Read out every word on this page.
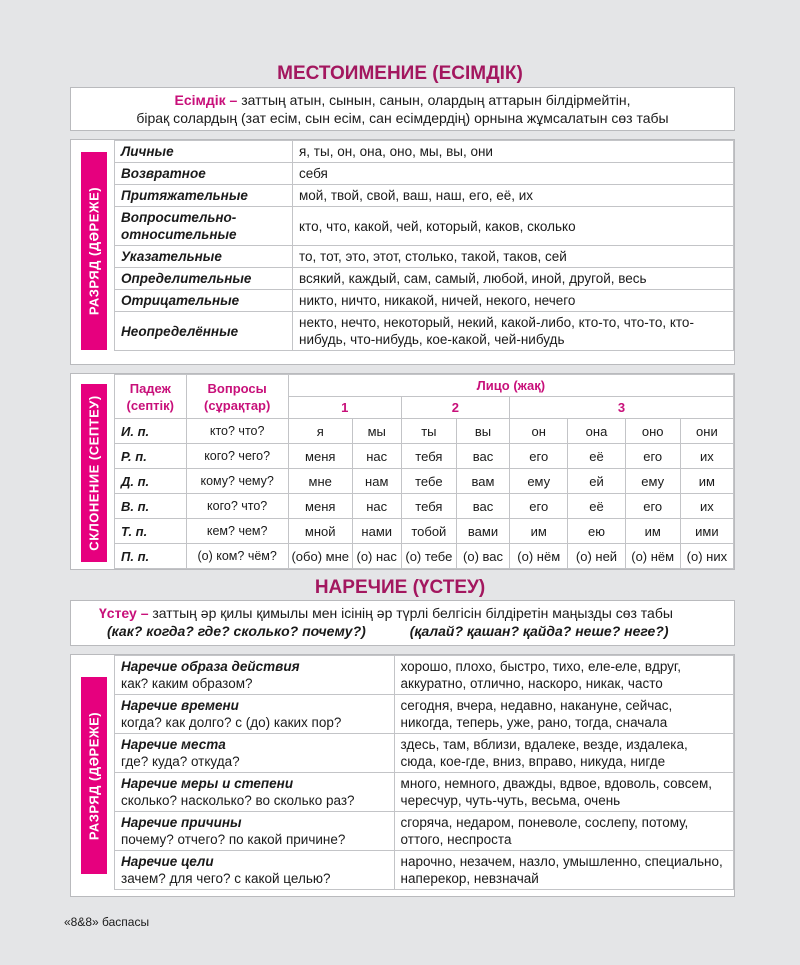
МЕСТОИМЕНИЕ (ЕСІМДІК)
Есімдік – заттың атын, сынын, санын, олардың аттарын білдірмейтін,
бірақ солардың (зат есім, сын есім, сан есімдердің) орнына жұмсалатын сөз табы
РАЗРЯД (ДӘРЕЖЕ)
Личные	я, ты, он, она, оно, мы, вы, они
Возвратное	себя
Притяжательные	мой, твой, свой, ваш, наш, его, её, их
Вопросительно-относительные	кто, что, какой, чей, который, каков, сколько
Указательные	то, тот, это, этот, столько, такой, таков, сей
Определительные	всякий, каждый, сам, самый, любой, иной, другой, весь
Отрицательные	никто, ничто, никакой, ничей, некого, нечего
Неопределённые	некто, нечто, некоторый, некий, какой-либо, кто-то, что-то, кто-нибудь, что-нибудь, кое-какой, чей-нибудь
СКЛОНЕНИЕ (СЕПТЕУ)
Падеж (септік)	Вопросы (сұрақтар)	Лицо (жақ)							
		1		2		3			
И. п.	кто? что?	я	мы	ты	вы	он	она	оно	они
Р. п.	кого? чего?	меня	нас	тебя	вас	его	её	его	их
Д. п.	кому? чему?	мне	нам	тебе	вам	ему	ей	ему	им
В. п.	кого? что?	меня	нас	тебя	вас	его	её	его	их
Т. п.	кем? чем?	мной	нами	тобой	вами	им	ею	им	ими
П. п.	(о) ком? чём?	(обо) мне	(о) нас	(о) тебе	(о) вас	(о) нём	(о) ней	(о) нём	(о) них
НАРЕЧИЕ (ҮСТЕУ)
Үстеу – заттың әр қилы қимылы мен ісінің әр түрлі белгісін білдіретін маңызды сөз табы
(как? когда? где? сколько? почему?)	(қалай? қашан? қайда? неше? неге?)
РАЗРЯД (ДӘРЕЖЕ)
Наречие образа действия
как? каким образом?	хорошо, плохо, быстро, тихо, еле-еле, вдруг, аккуратно, отлично, наскоро, никак, часто

Наречие времени
когда? как долго? с (до) каких пор?	сегодня, вчера, недавно, накануне, сейчас, никогда, теперь, уже, рано, тогда, сначала

Наречие места
где? куда? откуда?	здесь, там, вблизи, вдалеке, везде, издалека, сюда, кое-где, вниз, вправо, никуда, нигде

Наречие меры и степени
сколько? насколько? во сколько раз?	много, немного, дважды, вдвое, вдоволь, совсем, чересчур, чуть-чуть, весьма, очень

Наречие причины
почему? отчего? по какой причине?	сгоряча, недаром, поневоле, сослепу, потому, оттого, неспроста

Наречие цели
зачем? для чего? с какой целью?	нарочно, незачем, назло, умышленно, специально, наперекор, невзначай
«8&8» баспасы
